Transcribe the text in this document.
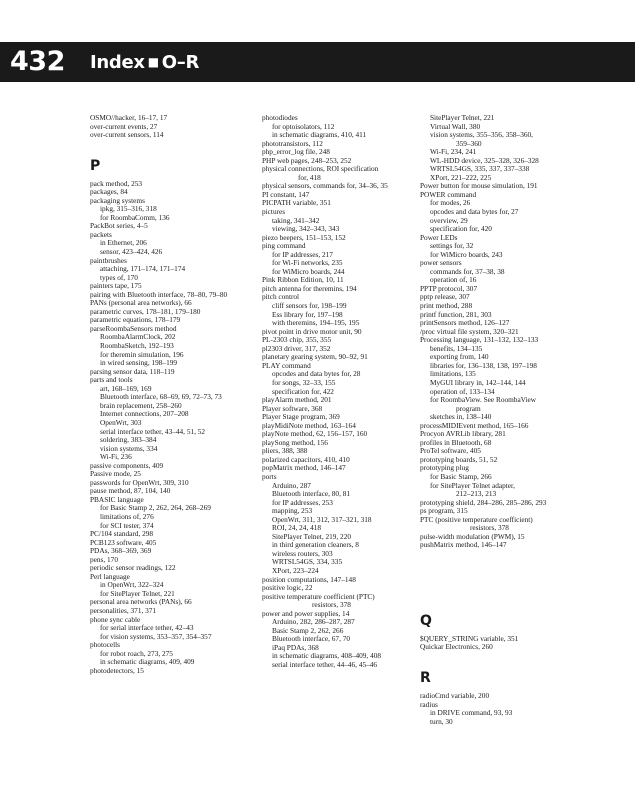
432 Index ■ O–R
OSMO//hacker, 16–17, 17
over-current events, 27
over-current sensors, 114
P
pack method, 253
packages, 84
packaging systems
ipkg, 315–316, 318
for RoombaComm, 136
PackBot series, 4–5
packets
in Ethernet, 206
sensor, 423–424, 426
paintbrushes
attaching, 171–174, 171–174
types of, 170
painters tape, 175
pairing with Bluetooth interface, 78–80, 79–80
PANs (personal area networks), 66
parametric curves, 178–181, 179–180
parametric equations, 178–179
parseRoombaSensors method
RoombaAlarmClock, 202
RoombaSketch, 192–193
for theremin simulation, 196
in wired sensing, 198–199
parsing sensor data, 118–119
parts and tools
art, 168–169, 169
Bluetooth interface, 68–69, 69, 72–73, 73
brain replacement, 258–260
Internet connections, 207–208
OpenWrt, 303
serial interface tether, 43–44, 51, 52
soldering, 383–384
vision systems, 334
Wi-Fi, 236
passive components, 409
Passive mode, 25
passwords for OpenWrt, 309, 310
pause method, 87, 104, 140
PBASIC language
for Basic Stamp 2, 262, 264, 268–269
limitations of, 276
for SCI tester, 374
PC/104 standard, 298
PCB123 software, 405
PDAs, 368–369, 369
pens, 170
periodic sensor readings, 122
Perl language
in OpenWrt, 322–324
for SitePlayer Telnet, 221
personal area networks (PANs), 66
personalities, 371, 371
phone sync cable
for serial interface tether, 42–43
for vision systems, 353–357, 354–357
photocells
for robot roach, 273, 275
in schematic diagrams, 409, 409
photodetectors, 15
photodiodes
for optoisolators, 112
in schematic diagrams, 410, 411
phototransistors, 112
php_error_log file, 248
PHP web pages, 248–253, 252
physical connections, ROI specification
for, 418
physical sensors, commands for, 34–36, 35
PI constant, 147
PICPATH variable, 351
pictures
taking, 341–342
viewing, 342–343, 343
piezo beepers, 151–153, 152
ping command
for IP addresses, 217
for Wi-Fi networks, 235
for WiMicro boards, 244
Pink Ribbon Edition, 10, 11
pitch antenna for theremins, 194
pitch control
cliff sensors for, 198–199
Ess library for, 197–198
with theremins, 194–195, 195
pivot point in drive motor unit, 90
PL-2303 chip, 355, 355
pl2303 driver, 317, 352
planetary gearing system, 90–92, 91
PLAY command
opcodes and data bytes for, 28
for songs, 32–33, 155
specification for, 422
playAlarm method, 201
Player software, 368
Player Stage program, 369
playMidiNote method, 163–164
playNote method, 62, 156–157, 160
playSong method, 156
pliers, 388, 388
polarized capacitors, 410, 410
popMatrix method, 146–147
ports
Arduino, 287
Bluetooth interface, 80, 81
for IP addresses, 253
mapping, 253
OpenWrt, 311, 312, 317–321, 318
ROI, 24, 24, 418
SitePlayer Telnet, 219, 220
in third generation cleaners, 8
wireless routers, 303
WRTSL54GS, 334, 335
XPort, 223–224
position computations, 147–148
positive logic, 22
positive temperature coefficient (PTC)
resistors, 378
power and power supplies, 14
Arduino, 282, 286–287, 287
Basic Stamp 2, 262, 266
Bluetooth interface, 67, 70
iPaq PDAs, 368
in schematic diagrams, 408–409, 408
serial interface tether, 44–46, 45–46
SitePlayer Telnet, 221
Virtual Wall, 380
vision systems, 355–356, 358–360,
359–360
Wi-Fi, 234, 241
WL-HDD device, 325–328, 326–328
WRTSL54GS, 335, 337, 337–338
XPort, 221–222, 225
Power button for mouse simulation, 191
POWER command
for modes, 26
opcodes and data bytes for, 27
overview, 29
specification for, 420
Power LEDs
settings for, 32
for WiMicro boards, 243
power sensors
commands for, 37–38, 38
operation of, 16
PPTP protocol, 307
pptp release, 307
print method, 288
printf function, 281, 303
printSensors method, 126–127
/proc virtual file system, 320–321
Processing language, 131–132, 132–133
benefits, 134–135
exporting from, 140
libraries for, 136–138, 138, 197–198
limitations, 135
MyGUI library in, 142–144, 144
operation of, 133–134
for RoombaView. See RoombaView
program
sketches in, 138–140
processMIDIEvent method, 165–166
Procyon AVRLib library, 281
profiles in Bluetooth, 68
ProTel software, 405
prototyping boards, 51, 52
prototyping plug
for Basic Stamp, 266
for SitePlayer Telnet adapter,
212–213, 213
prototyping shield, 284–286, 285–286, 293
ps program, 315
PTC (positive temperature coefficient)
resistors, 378
pulse-width modulation (PWM), 15
pushMatrix method, 146–147
Q
$QUERY_STRING variable, 351
Quickar Electronics, 260
R
radioCmd variable, 200
radius
in DRIVE command, 93, 93
turn, 30
